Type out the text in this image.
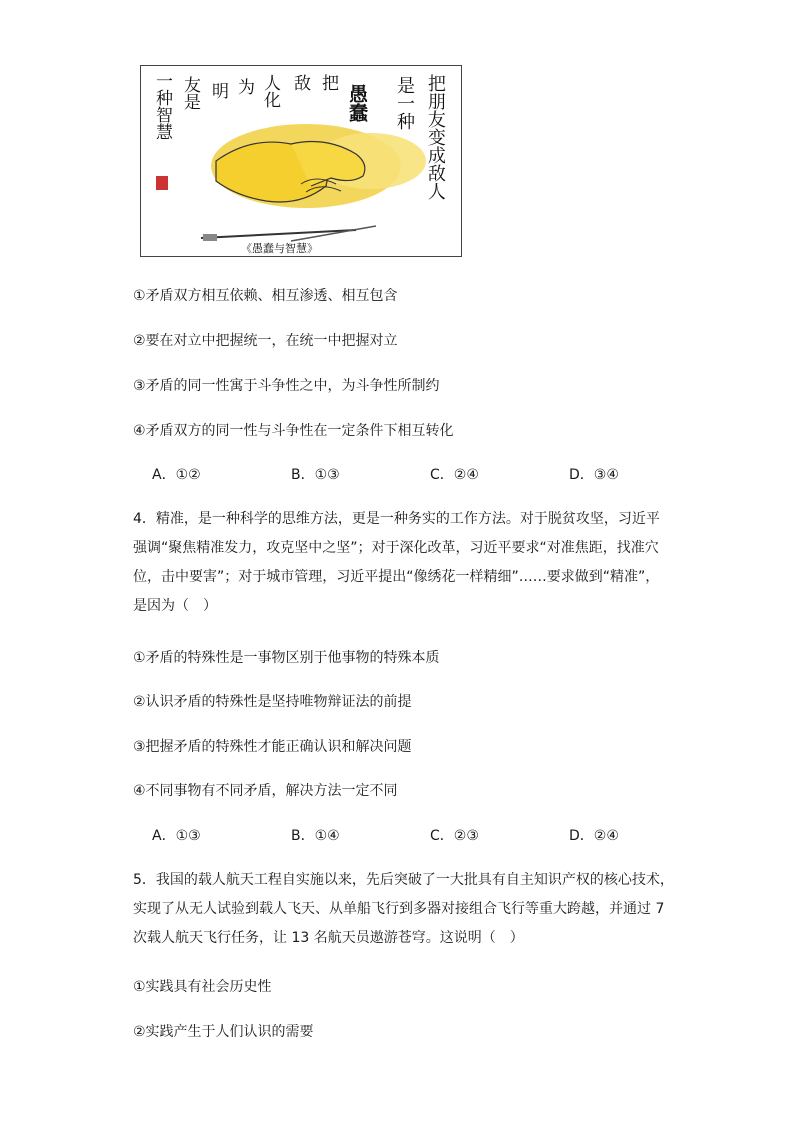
一种智慧 友是 明 为 人化 敌 把
愚蠢 是一种 把朋友变成敌人
《愚蠢与智慧》
①矛盾双方相互依赖、相互渗透、相互包含
②要在对立中把握统一，在统一中把握对立
③矛盾的同一性寓于斗争性之中，为斗争性所制约
④矛盾双方的同一性与斗争性在一定条件下相互转化
A．①②	B．①③	C．②④	D．③④

4．精准，是一种科学的思维方法，更是一种务实的工作方法。对于脱贫攻坚，习近平

强调“聚焦精准发力，攻克坚中之坚”；对于深化改革，习近平要求“对准焦距，找准穴

位，击中要害”；对于城市管理，习近平提出“像绣花一样精细”……要求做到“精准”，

是因为（　）

①矛盾的特殊性是一事物区别于他事物的特殊本质
②认识矛盾的特殊性是坚持唯物辩证法的前提
③把握矛盾的特殊性才能正确认识和解决问题
④不同事物有不同矛盾，解决方法一定不同
A．①③	B．①④	C．②③	D．②④

5．我国的载人航天工程自实施以来，先后突破了一大批具有自主知识产权的核心技术，

实现了从无人试验到载人飞天、从单船飞行到多器对接组合飞行等重大跨越，并通过 7

次载人航天飞行任务，让 13 名航天员遨游苍穹。这说明（　）

①实践具有社会历史性
②实践产生于人们认识的需要
